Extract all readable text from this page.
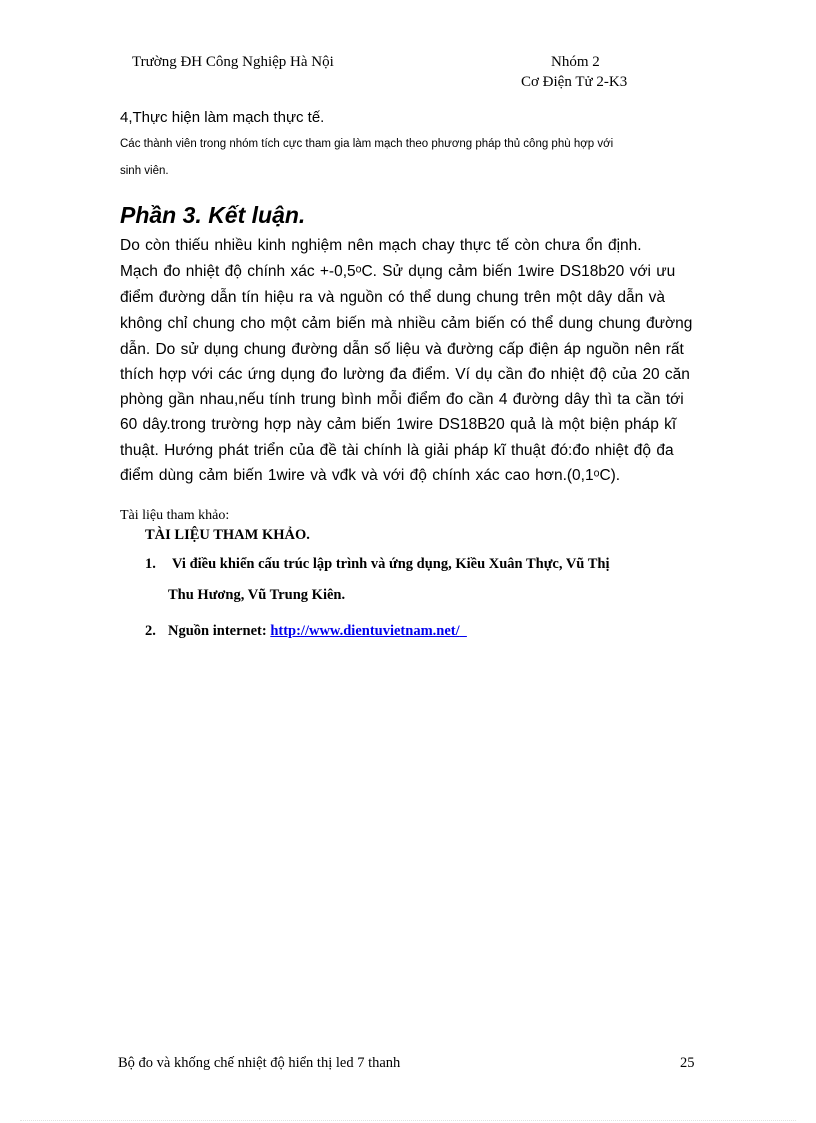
Trường ĐH Công Nghiệp Hà Nội	Nhóm 2
Cơ Điện Tử 2-K3
4,Thực hiện làm mạch thực tế.
Các thành viên trong nhóm tích cực tham gia làm mạch theo phương pháp thủ công phù hợp với
sinh viên.
Phần 3. Kết luận.
Do còn thiếu nhiều kinh nghiệm nên mạch chay thực tế còn chưa ổn định.
Mạch đo nhiệt độ chính xác +-0,5ᵒC. Sử dụng cảm biến 1wire DS18b20 với ưu
điểm đường dẫn tín hiệu ra và nguồn có thể dung chung trên một dây dẫn và
không chỉ chung cho một cảm biến mà nhiều cảm biến có thể dung chung đường
dẫn. Do sử dụng chung đường dẫn số liệu và đường cấp điện áp nguồn nên rất
thích hợp với các ứng dụng đo lường đa điểm. Ví dụ cần đo nhiệt độ của 20 căn
phòng gần nhau,nếu tính trung bình mỗi điểm đo cần 4 đường dây thì ta cần tới
60 dây.trong trường hợp này cảm biến 1wire DS18B20 quả là một biện pháp kĩ
thuật. Hướng phát triển của đề tài chính là giải pháp kĩ thuật đó:đo nhiệt độ đa
điểm dùng cảm biến 1wire và vđk và với độ chính xác cao hơn.(0,1ᵒC).
Tài liệu tham khảo:
TÀI LIỆU THAM KHẢO.
1. Vi điều khiển cấu trúc lập trình và ứng dụng, Kiều Xuân Thực, Vũ Thị
Thu Hương, Vũ Trung Kiên.
2. Nguồn internet: http://www.dientuvietnam.net/
Bộ đo và khống chế nhiệt độ hiển thị led 7 thanh	25
